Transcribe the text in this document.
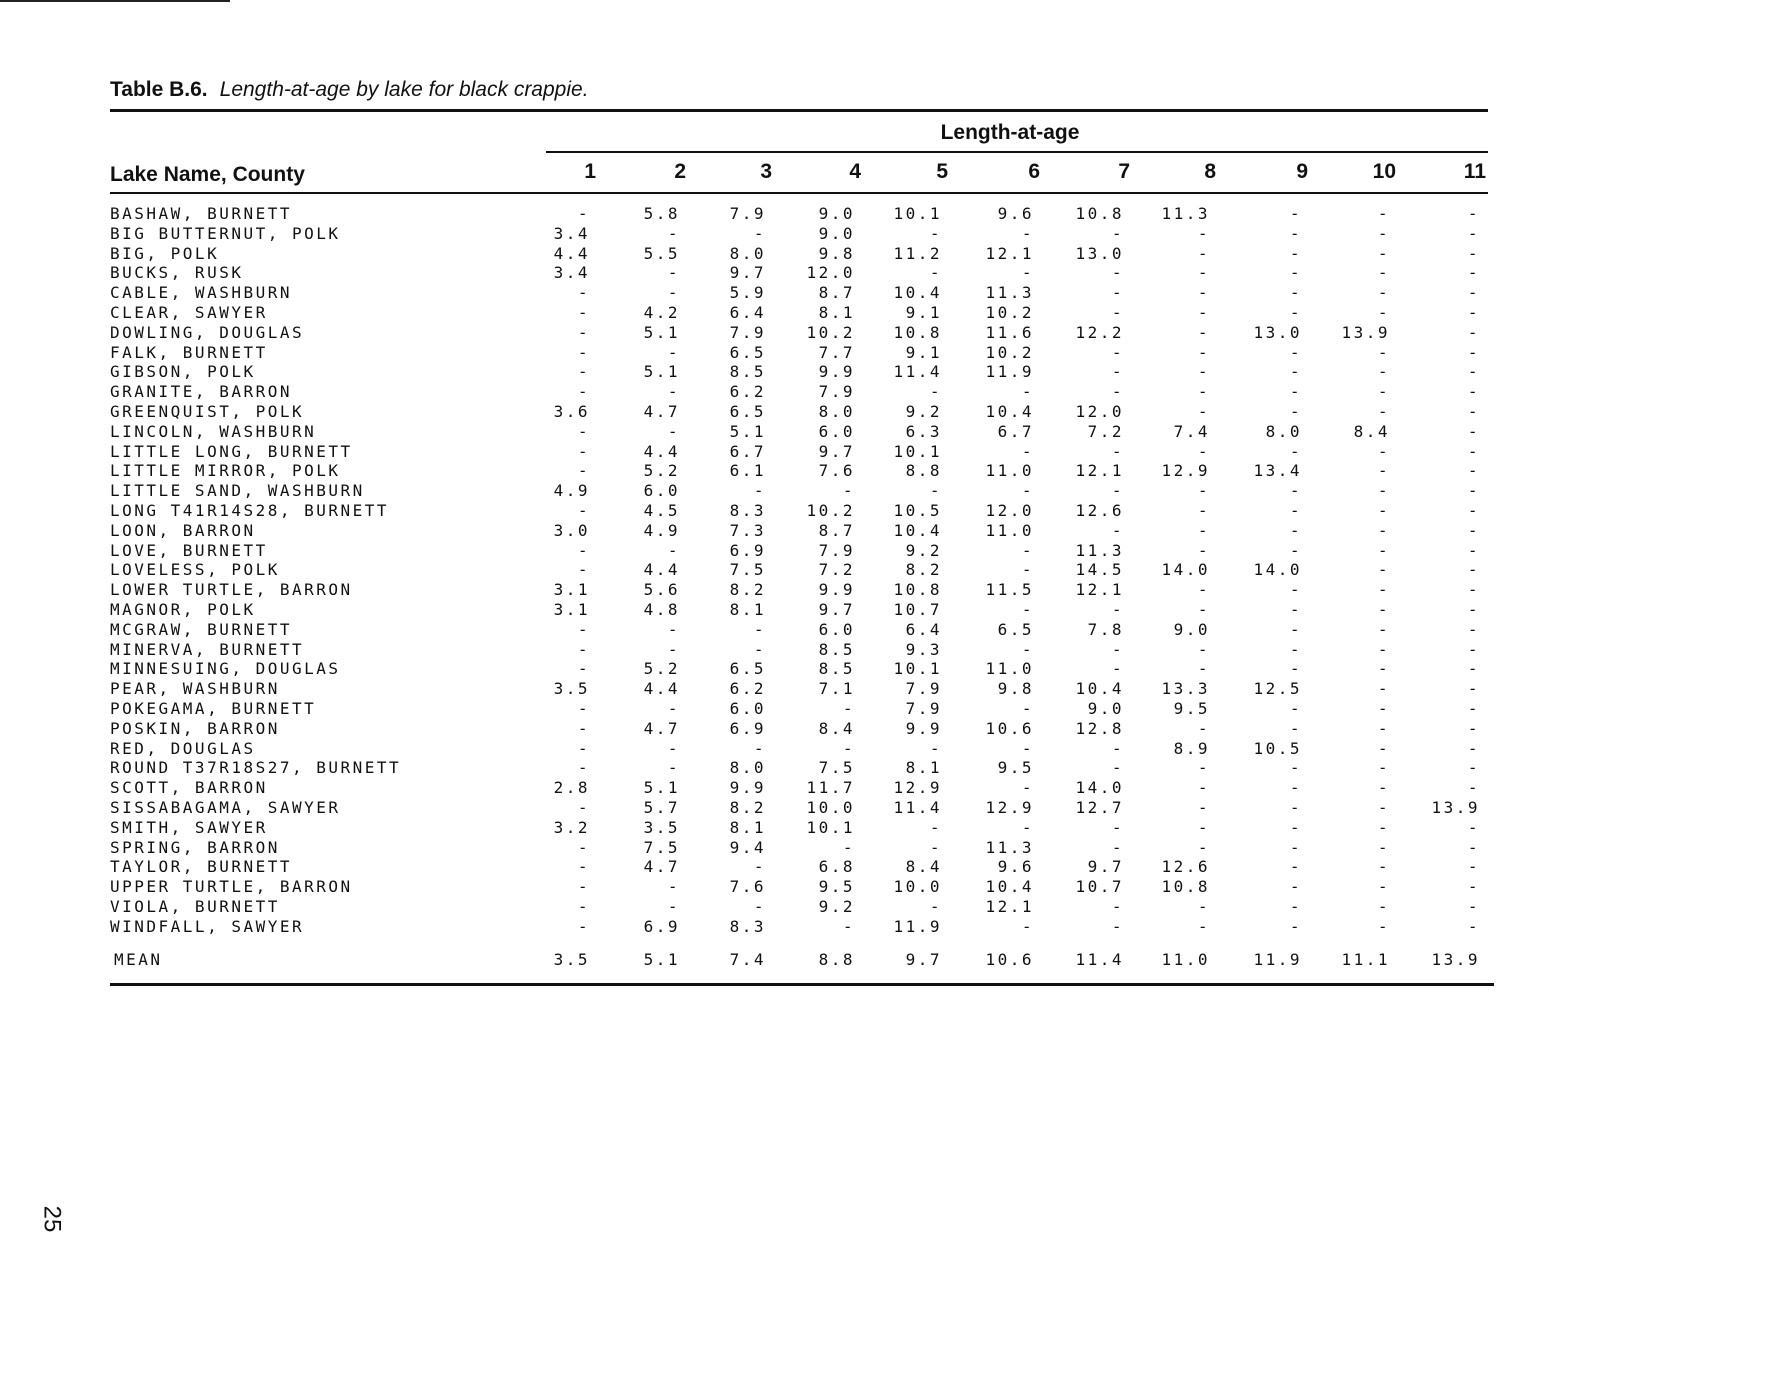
Table B.6. Length-at-age by lake for black crappie.
Length-at-age
Lake Name, County	1	2	3	4	5	6	7	8	9	10	11
BASHAW, BURNETT	-	5.8	7.9	9.0	10.1	9.6	10.8	11.3	-	-	-
BIG BUTTERNUT, POLK	3.4	-	-	9.0	-	-	-	-	-	-	-
BIG, POLK	4.4	5.5	8.0	9.8	11.2	12.1	13.0	-	-	-	-
BUCKS, RUSK	3.4	-	9.7	12.0	-	-	-	-	-	-	-
CABLE, WASHBURN	-	-	5.9	8.7	10.4	11.3	-	-	-	-	-
CLEAR, SAWYER	-	4.2	6.4	8.1	9.1	10.2	-	-	-	-	-
DOWLING, DOUGLAS	-	5.1	7.9	10.2	10.8	11.6	12.2	-	13.0	13.9	-
FALK, BURNETT	-	-	6.5	7.7	9.1	10.2	-	-	-	-	-
GIBSON, POLK	-	5.1	8.5	9.9	11.4	11.9	-	-	-	-	-
GRANITE, BARRON	-	-	6.2	7.9	-	-	-	-	-	-	-
GREENQUIST, POLK	3.6	4.7	6.5	8.0	9.2	10.4	12.0	-	-	-	-
LINCOLN, WASHBURN	-	-	5.1	6.0	6.3	6.7	7.2	7.4	8.0	8.4	-
LITTLE LONG, BURNETT	-	4.4	6.7	9.7	10.1	-	-	-	-	-	-
LITTLE MIRROR, POLK	-	5.2	6.1	7.6	8.8	11.0	12.1	12.9	13.4	-	-
LITTLE SAND, WASHBURN	4.9	6.0	-	-	-	-	-	-	-	-	-
LONG T41R14S28, BURNETT	-	4.5	8.3	10.2	10.5	12.0	12.6	-	-	-	-
LOON, BARRON	3.0	4.9	7.3	8.7	10.4	11.0	-	-	-	-	-
LOVE, BURNETT	-	-	6.9	7.9	9.2	-	11.3	-	-	-	-
LOVELESS, POLK	-	4.4	7.5	7.2	8.2	-	14.5	14.0	14.0	-	-
LOWER TURTLE, BARRON	3.1	5.6	8.2	9.9	10.8	11.5	12.1	-	-	-	-
MAGNOR, POLK	3.1	4.8	8.1	9.7	10.7	-	-	-	-	-	-
MCGRAW, BURNETT	-	-	-	6.0	6.4	6.5	7.8	9.0	-	-	-
MINERVA, BURNETT	-	-	-	8.5	9.3	-	-	-	-	-	-
MINNESUING, DOUGLAS	-	5.2	6.5	8.5	10.1	11.0	-	-	-	-	-
PEAR, WASHBURN	3.5	4.4	6.2	7.1	7.9	9.8	10.4	13.3	12.5	-	-
POKEGAMA, BURNETT	-	-	6.0	-	7.9	-	9.0	9.5	-	-	-
POSKIN, BARRON	-	4.7	6.9	8.4	9.9	10.6	12.8	-	-	-	-
RED, DOUGLAS	-	-	-	-	-	-	-	8.9	10.5	-	-
ROUND T37R18S27, BURNETT	-	-	8.0	7.5	8.1	9.5	-	-	-	-	-
SCOTT, BARRON	2.8	5.1	9.9	11.7	12.9	-	14.0	-	-	-	-
SISSABAGAMA, SAWYER	-	5.7	8.2	10.0	11.4	12.9	12.7	-	-	-	13.9
SMITH, SAWYER	3.2	3.5	8.1	10.1	-	-	-	-	-	-	-
SPRING, BARRON	-	7.5	9.4	-	-	11.3	-	-	-	-	-
TAYLOR, BURNETT	-	4.7	-	6.8	8.4	9.6	9.7	12.6	-	-	-
UPPER TURTLE, BARRON	-	-	7.6	9.5	10.0	10.4	10.7	10.8	-	-	-
VIOLA, BURNETT	-	-	-	9.2	-	12.1	-	-	-	-	-
WINDFALL, SAWYER	-	6.9	8.3	-	11.9	-	-	-	-	-	-
MEAN	3.5	5.1	7.4	8.8	9.7	10.6	11.4	11.0	11.9	11.1	13.9
25
